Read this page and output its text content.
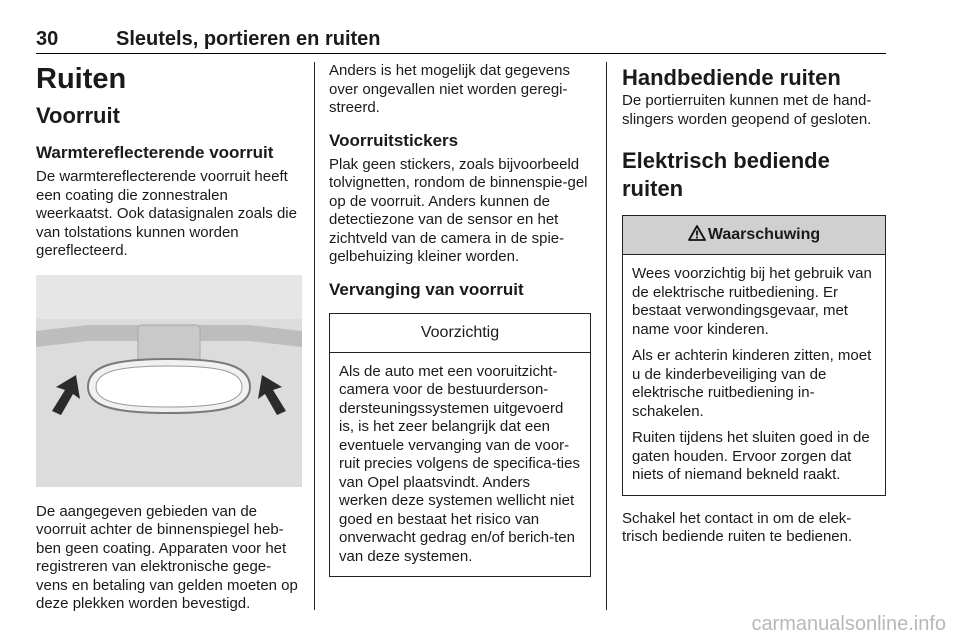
30	Sleutels, portieren en ruiten
Ruiten
Voorruit
Warmtereflecterende voorruit

De warmtereflecterende voorruit heeft een coating die zonnestralen weerkaatst. Ook datasignalen zoals die van tolstations kunnen worden gereflecteerd.

De aangegeven gebieden van de voorruit achter de binnenspiegel heb-ben geen coating. Apparaten voor het registreren van elektronische gege-vens en betaling van gelden moeten op deze plekken worden bevestigd.

Anders is het mogelijk dat gegevens over ongevallen niet worden geregi-streerd.

Voorruitstickers

Plak geen stickers, zoals bijvoorbeeld tolvignetten, rondom de binnenspie-gel op de voorruit. Anders kunnen de detectiezone van de sensor en het zichtveld van de camera in de spie-gelbehuizing kleiner worden.

Vervanging van voorruit
Voorzichtig

Als de auto met een vooruitzicht-camera voor de bestuurderson-dersteuningssystemen uitgevoerd is, is het zeer belangrijk dat een eventuele vervanging van de voor-ruit precies volgens de specifica-ties van Opel plaatsvindt. Anders werken deze systemen wellicht niet goed en bestaat het risico van onverwacht gedrag en/of berich-ten van deze systemen.

Handbediende ruiten

De portierruiten kunnen met de hand-slingers worden geopend of gesloten.

Elektrisch bediende ruiten
Waarschuwing

Wees voorzichtig bij het gebruik van de elektrische ruitbediening. Er bestaat verwondingsgevaar, met name voor kinderen.

Als er achterin kinderen zitten, moet u de kinderbeveiliging van de elektrische ruitbediening in-schakelen.

Ruiten tijdens het sluiten goed in de gaten houden. Ervoor zorgen dat niets of niemand bekneld raakt.

Schakel het contact in om de elek-trisch bediende ruiten te bedienen.

carmanualsonline.info
